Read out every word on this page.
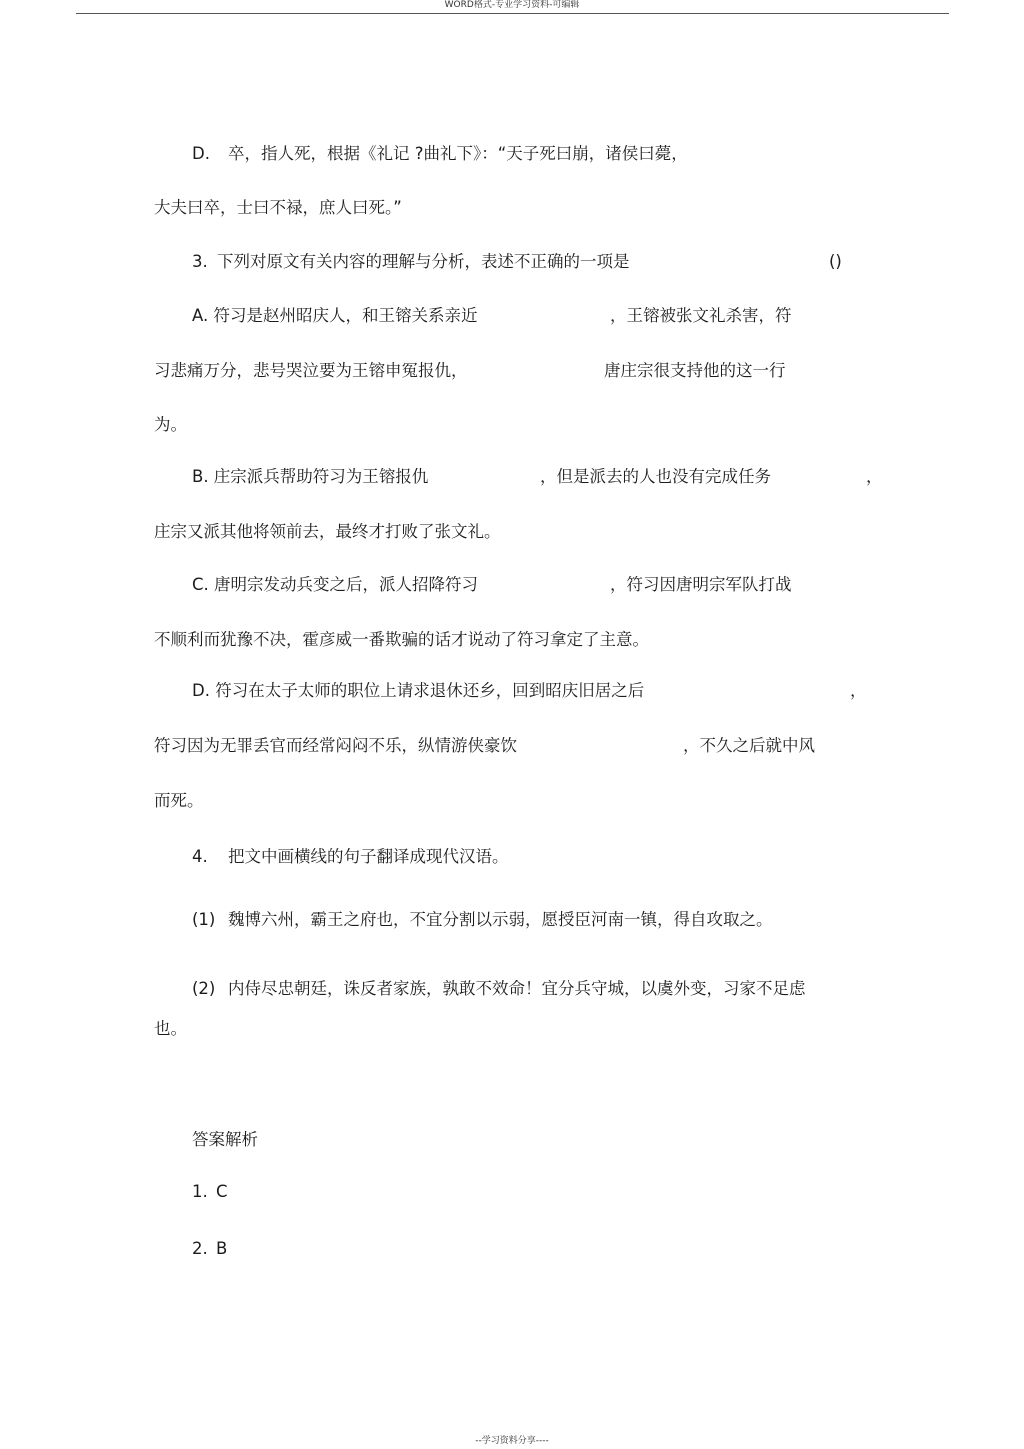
WORD格式-专业学习资料-可编辑
D. 卒，指人死，根据《礼记 ?曲礼下》：“天子死曰崩，诸侯曰薨，
大夫曰卒，士曰不禄，庶人曰死。”
3. 下列对原文有关内容的理解与分析，表述不正确的一项是	()
A. 符习是赵州昭庆人，和王镕关系亲近	，王镕被张文礼杀害，符
习悲痛万分，悲号哭泣要为王镕申冤报仇，	唐庄宗很支持他的这一行
为。
B. 庄宗派兵帮助符习为王镕报仇	，但是派去的人也没有完成任务	，
庄宗又派其他将领前去，最终才打败了张文礼。
C. 唐明宗发动兵变之后，派人招降符习	，符习因唐明宗军队打战
不顺利而犹豫不决，霍彦威一番欺骗的话才说动了符习拿定了主意。
D. 符习在太子太师的职位上请求退休还乡，回到昭庆旧居之后	，
符习因为无罪丢官而经常闷闷不乐，纵情游侠豪饮	，不久之后就中风
而死。
4. 把文中画横线的句子翻译成现代汉语。
(1) 魏博六州，霸王之府也，不宜分割以示弱，愿授臣河南一镇，得自攻取之。
(2) 内侍尽忠朝廷，诛反者家族，孰敢不效命！宜分兵守城，以虞外变，习家不足虑
也。
答案解析
1. C
2. B
--学习资料分享----
